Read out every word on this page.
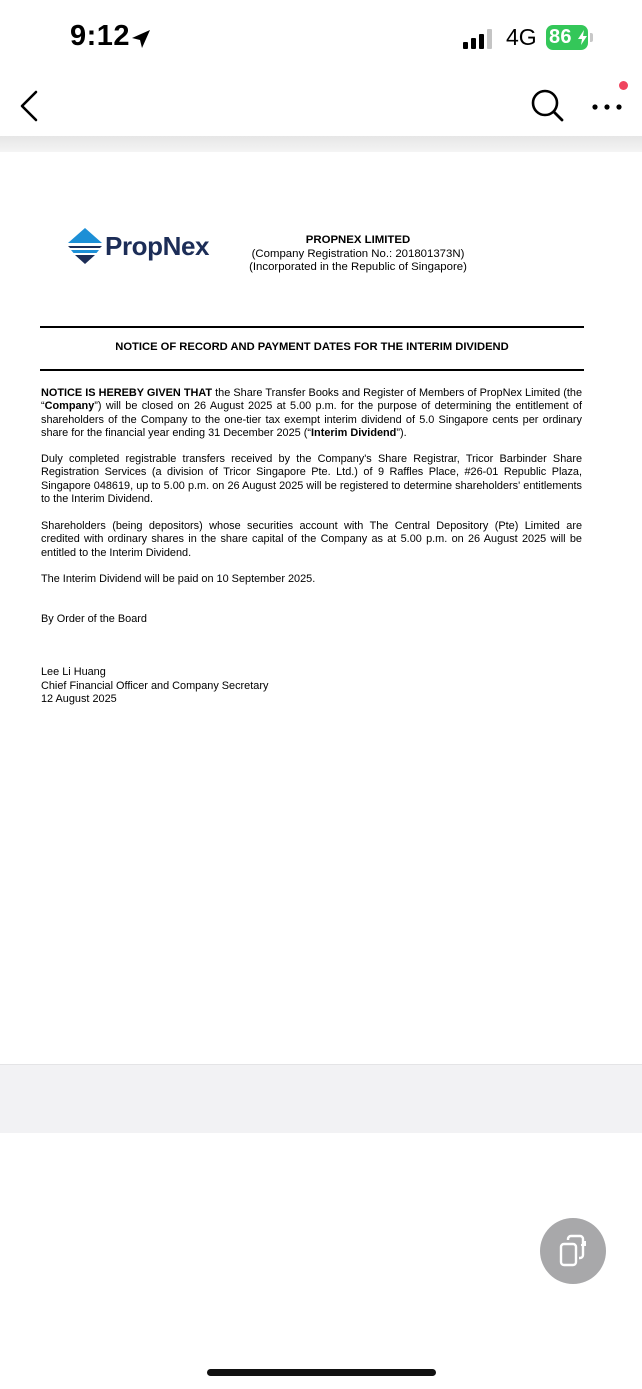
9:12	4G 86
PropNex	PROPNEX LIMITED
(Company Registration No.: 201801373N)
(Incorporated in the Republic of Singapore)
NOTICE OF RECORD AND PAYMENT DATES FOR THE INTERIM DIVIDEND
NOTICE IS HEREBY GIVEN THAT the Share Transfer Books and Register of Members of PropNex Limited (the “Company”) will be closed on 26 August 2025 at 5.00 p.m. for the purpose of determining the entitlement of shareholders of the Company to the one-tier tax exempt interim dividend of 5.0 Singapore cents per ordinary share for the financial year ending 31 December 2025 (“Interim Dividend”).
Duly completed registrable transfers received by the Company's Share Registrar, Tricor Barbinder Share Registration Services (a division of Tricor Singapore Pte. Ltd.) of 9 Raffles Place, #26-01 Republic Plaza, Singapore 048619, up to 5.00 p.m. on 26 August 2025 will be registered to determine shareholders' entitlements to the Interim Dividend.
Shareholders (being depositors) whose securities account with The Central Depository (Pte) Limited are credited with ordinary shares in the share capital of the Company as at 5.00 p.m. on 26 August 2025 will be entitled to the Interim Dividend.
The Interim Dividend will be paid on 10 September 2025.
By Order of the Board
Lee Li Huang
Chief Financial Officer and Company Secretary
12 August 2025
